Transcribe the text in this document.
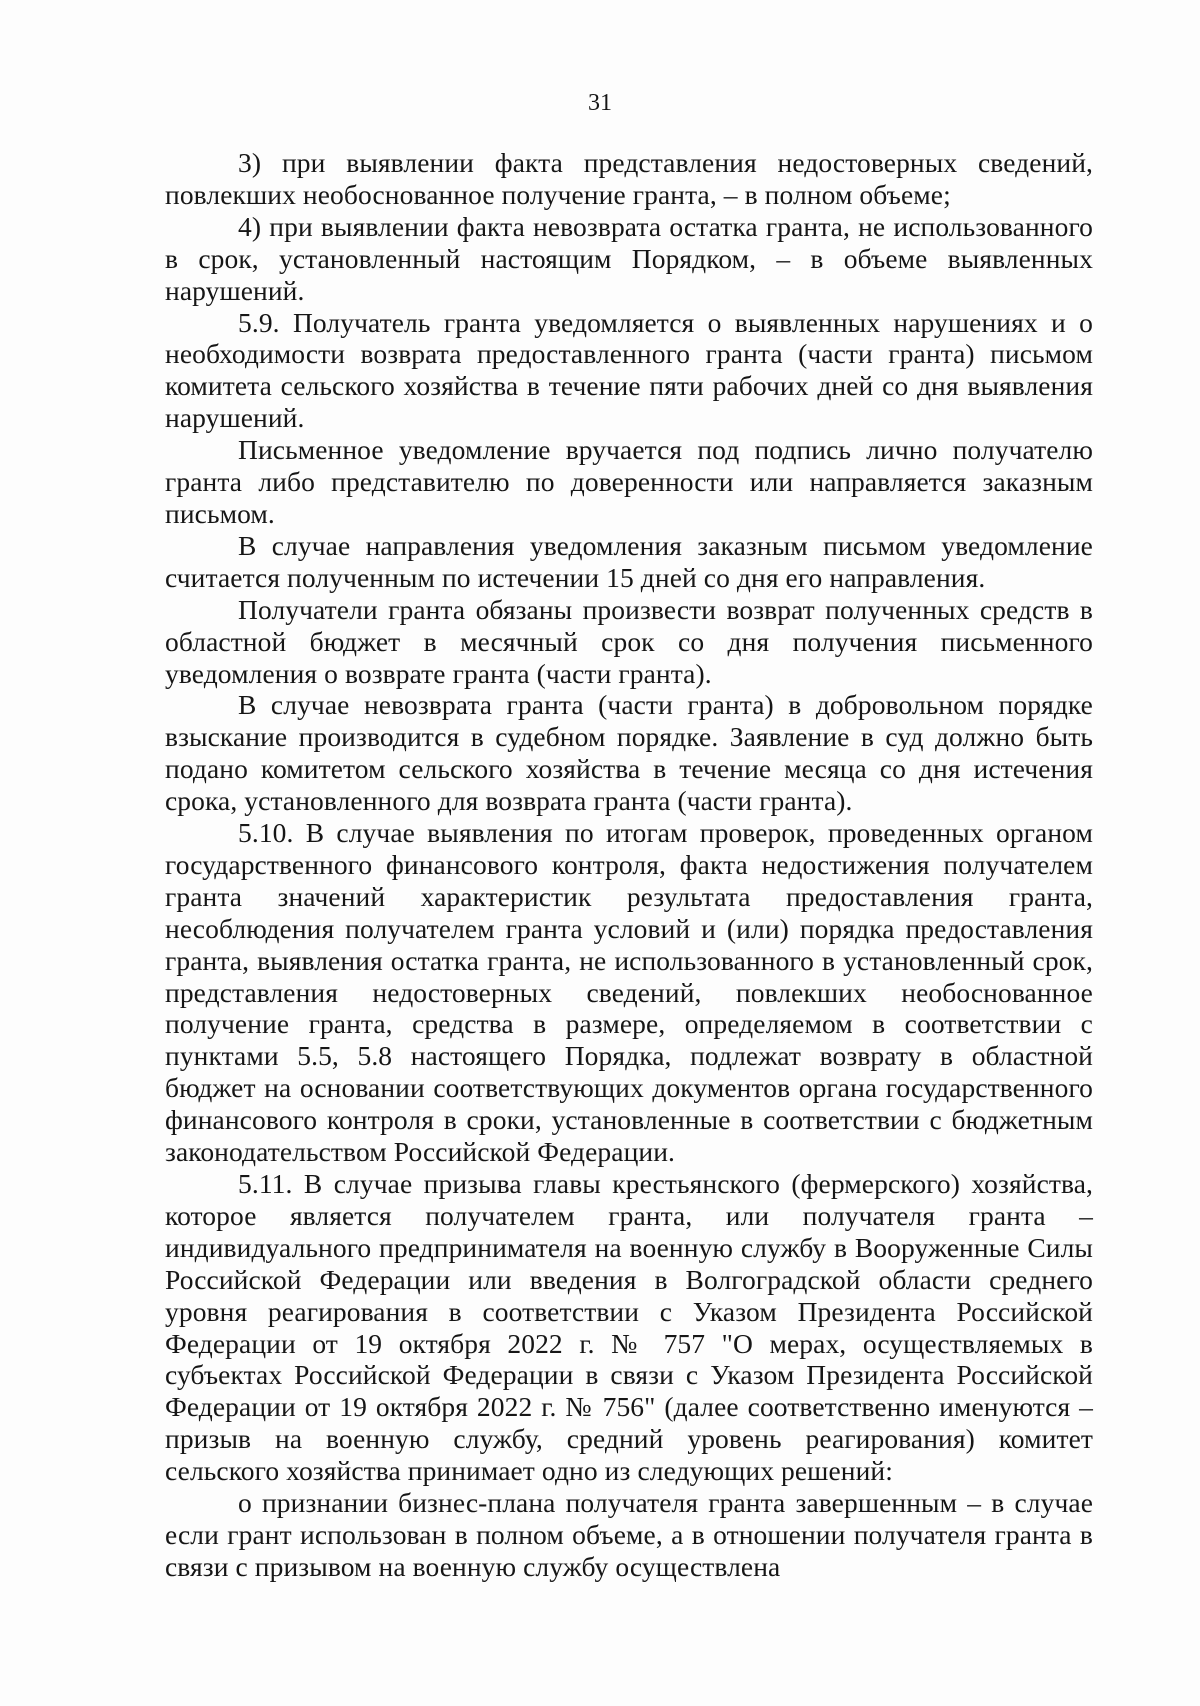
31

3) при выявлении факта представления недостоверных сведений, повлекших необоснованное получение гранта, – в полном объеме;

4) при выявлении факта невозврата остатка гранта, не использованного в срок, установленный настоящим Порядком, – в объеме выявленных нарушений.

5.9. Получатель гранта уведомляется о выявленных нарушениях и о необходимости возврата предоставленного гранта (части гранта) письмом комитета сельского хозяйства в течение пяти рабочих дней со дня выявления нарушений.

Письменное уведомление вручается под подпись лично получателю гранта либо представителю по доверенности или направляется заказным письмом.

В случае направления уведомления заказным письмом уведомление считается полученным по истечении 15 дней со дня его направления.

Получатели гранта обязаны произвести возврат полученных средств в областной бюджет в месячный срок со дня получения письменного уведомления о возврате гранта (части гранта).

В случае невозврата гранта (части гранта) в добровольном порядке взыскание производится в судебном порядке. Заявление в суд должно быть подано комитетом сельского хозяйства в течение месяца со дня истечения срока, установленного для возврата гранта (части гранта).

5.10. В случае выявления по итогам проверок, проведенных органом государственного финансового контроля, факта недостижения получателем гранта значений характеристик результата предоставления гранта, несоблюдения получателем гранта условий и (или) порядка предоставления гранта, выявления остатка гранта, не использованного в установленный срок, представления недостоверных сведений, повлекших необоснованное получение гранта, средства в размере, определяемом в соответствии с пунктами 5.5, 5.8 настоящего Порядка, подлежат возврату в областной бюджет на основании соответствующих документов органа государственного финансового контроля в сроки, установленные в соответствии с бюджетным законодательством Российской Федерации.

5.11. В случае призыва главы крестьянского (фермерского) хозяйства, которое является получателем гранта, или получателя гранта – индивидуального предпринимателя на военную службу в Вооруженные Силы Российской Федерации или введения в Волгоградской области среднего уровня реагирования в соответствии с Указом Президента Российской Федерации от 19 октября 2022 г. № 757 "О мерах, осуществляемых в субъектах Российской Федерации в связи с Указом Президента Российской Федерации от 19 октября 2022 г. № 756" (далее соответственно именуются – призыв на военную службу, средний уровень реагирования) комитет сельского хозяйства принимает одно из следующих решений:

о признании бизнес-плана получателя гранта завершенным – в случае если грант использован в полном объеме, а в отношении получателя гранта в связи с призывом на военную службу осуществлена
